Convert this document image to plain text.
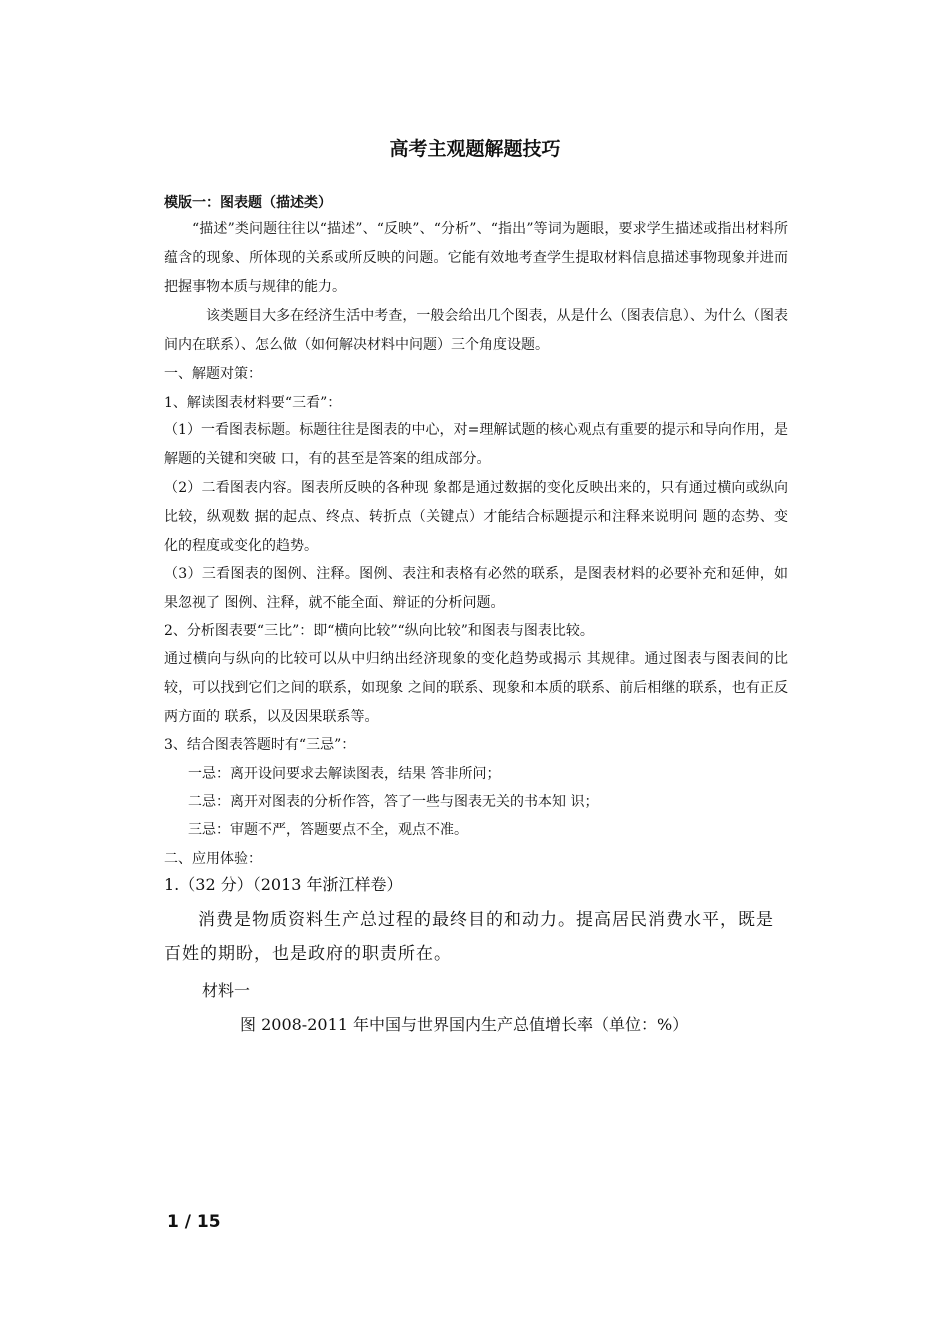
高考主观题解题技巧
模版一：图表题（描述类）
“描述”类问题往往以“描述”、“反映”、“分析”、“指出”等词为题眼，要求学生描述或指出材料所蕴含的现象、所体现的关系或所反映的问题。它能有效地考查学生提取材料信息描述事物现象并进而把握事物本质与规律的能力。
该类题目大多在经济生活中考查，一般会给出几个图表，从是什么（图表信息）、为什么（图表间内在联系）、怎么做（如何解决材料中问题）三个角度设题。
一、解题对策：
1、解读图表材料要“三看”：
（1）一看图表标题。标题往往是图表的中心，对=理解试题的核心观点有重要的提示和导向作用，是解题的关键和突破 口，有的甚至是答案的组成部分。
（2）二看图表内容。图表所反映的各种现 象都是通过数据的变化反映出来的，只有通过横向或纵向比较，纵观数 据的起点、终点、转折点（关键点）才能结合标题提示和注释来说明问 题的态势、变化的程度或变化的趋势。
（3）三看图表的图例、注释。图例、表注和表格有必然的联系，是图表材料的必要补充和延伸，如果忽视了 图例、注释，就不能全面、辩证的分析问题。
2、分析图表要“三比”：即“横向比较”“纵向比较”和图表与图表比较。
通过横向与纵向的比较可以从中归纳出经济现象的变化趋势或揭示 其规律。通过图表与图表间的比较，可以找到它们之间的联系，如现象 之间的联系、现象和本质的联系、前后相继的联系，也有正反两方面的 联系，以及因果联系等。
3、结合图表答题时有“三忌”：
一忌：离开设问要求去解读图表，结果 答非所问；
二忌：离开对图表的分析作答，答了一些与图表无关的书本知 识；
三忌：审题不严，答题要点不全，观点不准。
二、应用体验：
1.（32 分）（2013 年浙江样卷）
消费是物质资料生产总过程的最终目的和动力。提高居民消费水平，既是百姓的期盼，也是政府的职责所在。
材料一
图 2008-2011 年中国与世界国内生产总值增长率（单位：%）
1 / 15
